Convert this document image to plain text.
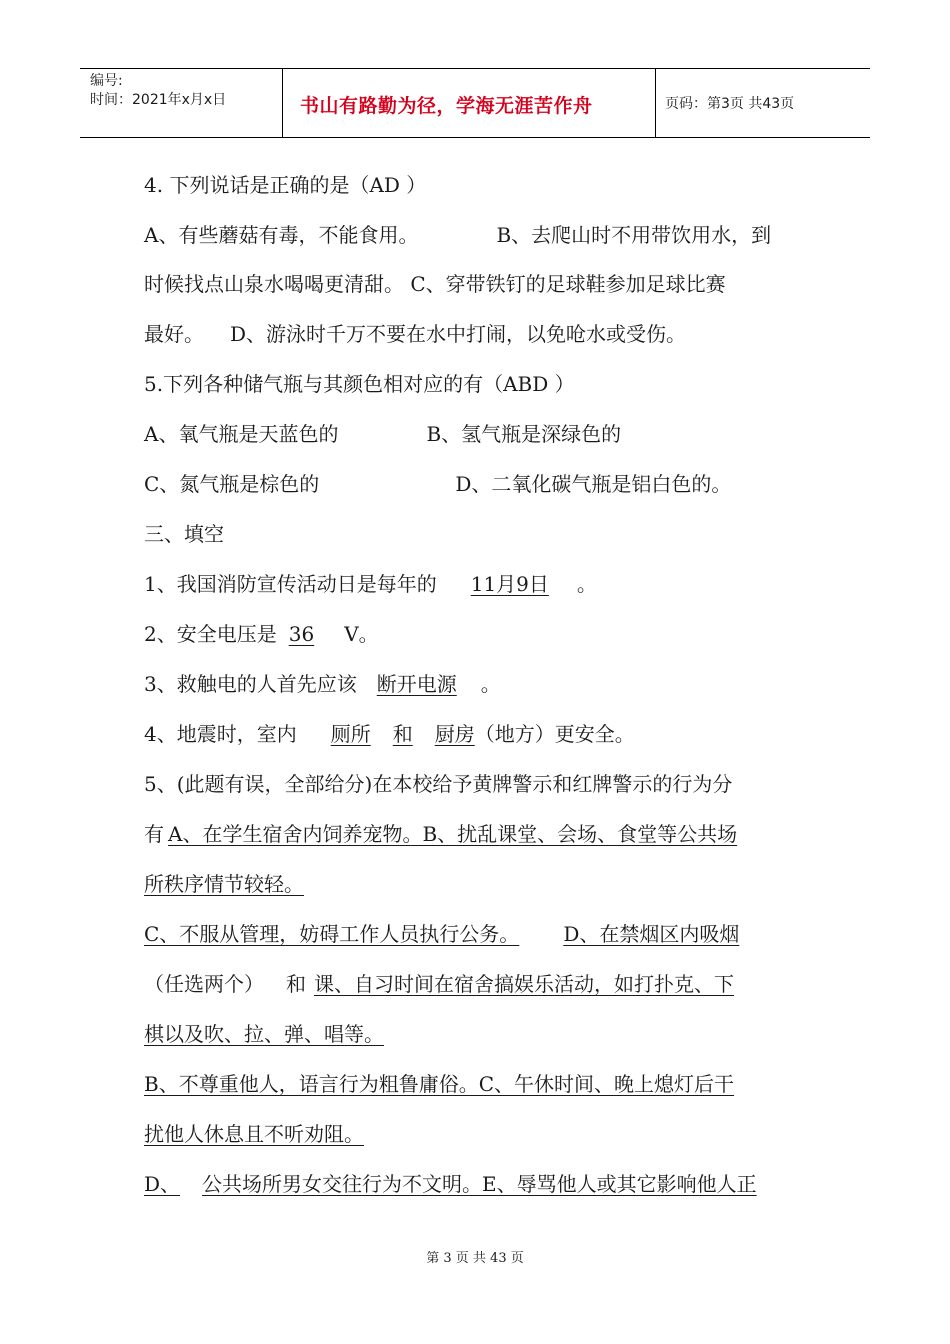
编号:
时间：2021年x月x日	书山有路勤为径，学海无涯苦作舟	页码：第3页 共43页
4. 下列说话是正确的是（AD ）
A、有些蘑菇有毒，不能食用。	B、去爬山时不用带饮用水，到
时候找点山泉水喝喝更清甜。 C、穿带铁钉的足球鞋参加足球比赛
最好。 D、游泳时千万不要在水中打闹，以免呛水或受伤。
5.下列各种储气瓶与其颜色相对应的有（ABD ）
A、氧气瓶是天蓝色的	B、氢气瓶是深绿色的
C、氮气瓶是棕色的	D、二氧化碳气瓶是铝白色的。
三、填空
1、我国消防宣传活动日是每年的 11月9日 。
2、安全电压是 36 V。
3、救触电的人首先应该 断开电源 。
4、地震时，室内 厕所 和 厨房（地方）更安全。
5、(此题有误，全部给分)在本校给予黄牌警示和红牌警示的行为分
有 A、在学生宿舍内饲养宠物。B、扰乱课堂、会场、食堂等公共场
所秩序情节较轻。
C、不服从管理，妨碍工作人员执行公务。 D、在禁烟区内吸烟
（任选两个） 和 课、自习时间在宿舍搞娱乐活动，如打扑克、下
棋以及吹、拉、弹、唱等。
B、不尊重他人，语言行为粗鲁庸俗。C、午休时间、晚上熄灯后干
扰他人休息且不听劝阻。
D、 公共场所男女交往行为不文明。E、辱骂他人或其它影响他人正
第 3 页 共 43 页
